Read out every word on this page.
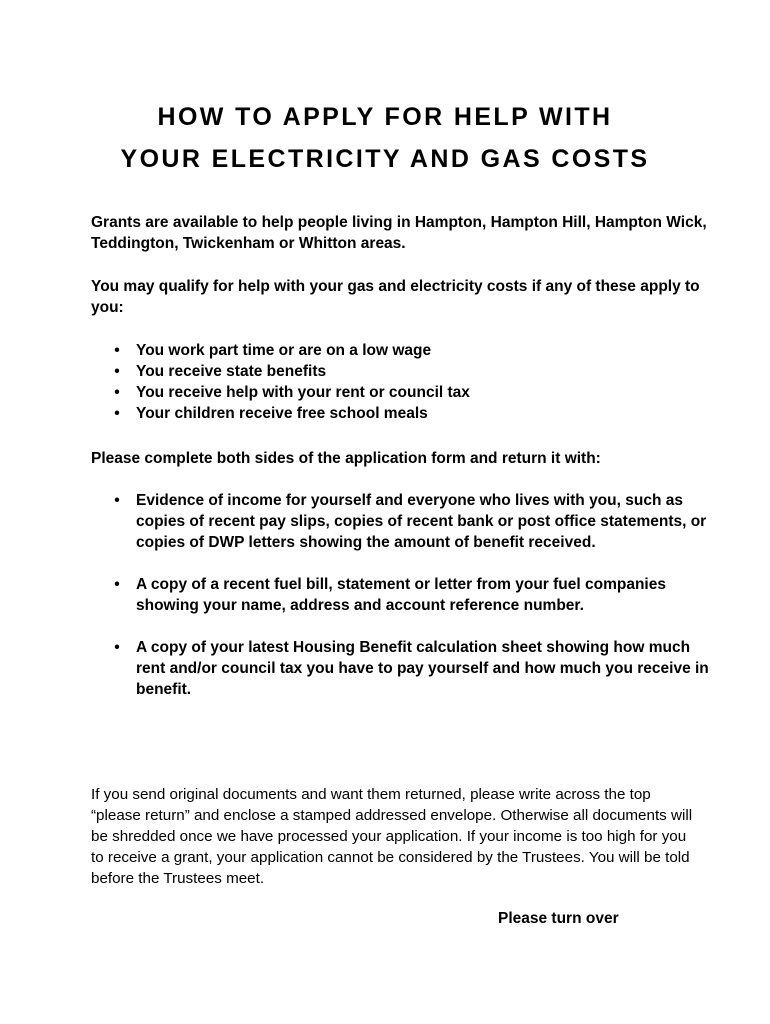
HOW TO APPLY FOR HELP WITH
YOUR ELECTRICITY AND GAS COSTS

Grants are available to help people living in Hampton, Hampton Hill, Hampton Wick, Teddington, Twickenham or Whitton areas.

You may qualify for help with your gas and electricity costs if any of these apply to you:

• You work part time or are on a low wage
• You receive state benefits
• You receive help with your rent or council tax
• Your children receive free school meals

Please complete both sides of the application form and return it with:

• Evidence of income for yourself and everyone who lives with you, such as copies of recent pay slips, copies of recent bank or post office statements, or copies of DWP letters showing the amount of benefit received.
• A copy of a recent fuel bill, statement or letter from your fuel companies showing your name, address and account reference number.
• A copy of your latest Housing Benefit calculation sheet showing how much rent and/or council tax you have to pay yourself and how much you receive in benefit.

If you send original documents and want them returned, please write across the top “please return” and enclose a stamped addressed envelope. Otherwise all documents will be shredded once we have processed your application. If your income is too high for you to receive a grant, your application cannot be considered by the Trustees. You will be told before the Trustees meet.

Please turn over
